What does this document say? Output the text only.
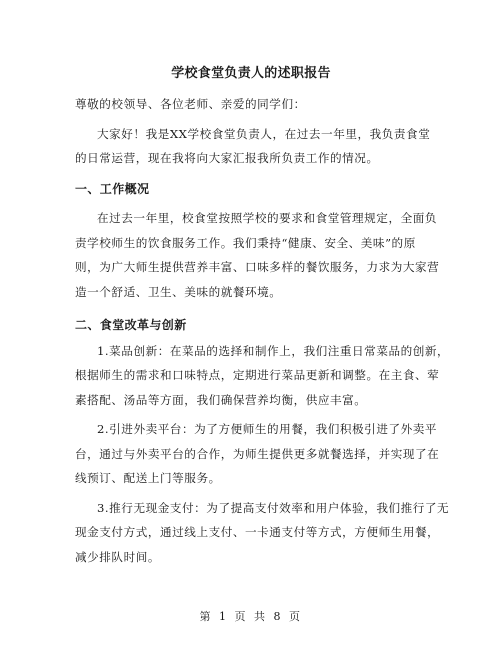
学校食堂负责人的述职报告
尊敬的校领导、各位老师、亲爱的同学们：
大家好！我是XX学校食堂负责人，在过去一年里，我负责食堂
的日常运营，现在我将向大家汇报我所负责工作的情况。
一、工作概况
在过去一年里，校食堂按照学校的要求和食堂管理规定，全面负
责学校师生的饮食服务工作。我们秉持“健康、安全、美味”的原
则，为广大师生提供营养丰富、口味多样的餐饮服务，力求为大家营
造一个舒适、卫生、美味的就餐环境。
二、食堂改革与创新
1.菜品创新：在菜品的选择和制作上，我们注重日常菜品的创新，
根据师生的需求和口味特点，定期进行菜品更新和调整。在主食、荤
素搭配、汤品等方面，我们确保营养均衡，供应丰富。
2.引进外卖平台：为了方便师生的用餐，我们积极引进了外卖平
台，通过与外卖平台的合作，为师生提供更多就餐选择，并实现了在
线预订、配送上门等服务。
3.推行无现金支付：为了提高支付效率和用户体验，我们推行了无
现金支付方式，通过线上支付、一卡通支付等方式，方便师生用餐，
减少排队时间。
第 1 页 共 8 页
